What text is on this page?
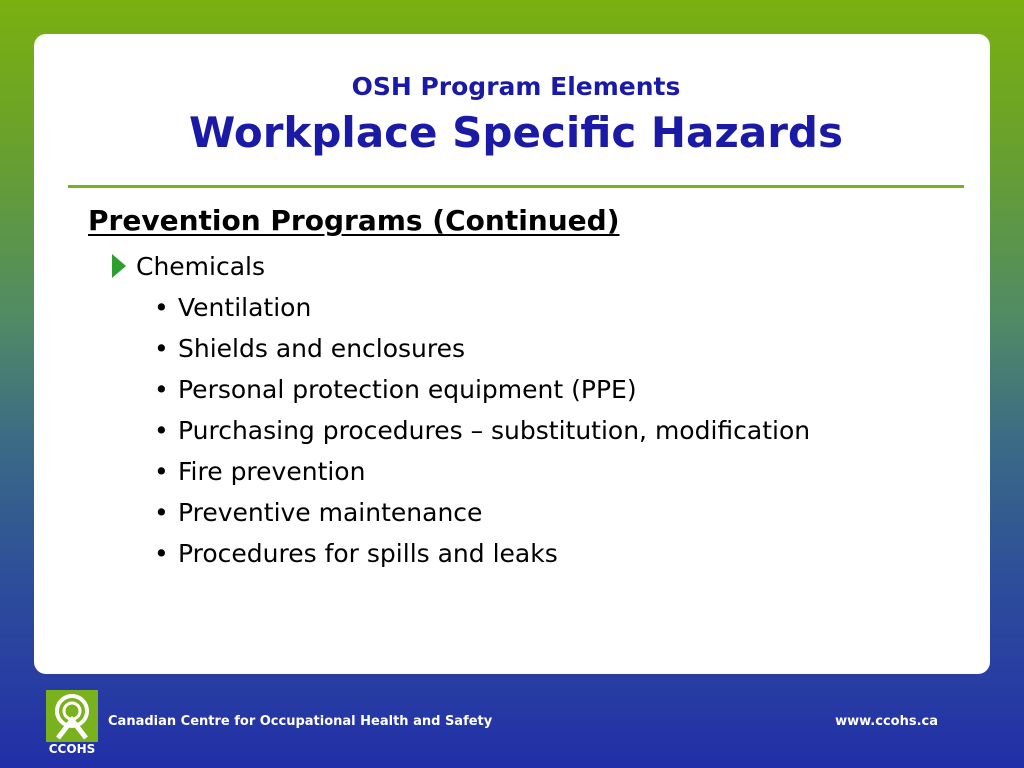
OSH Program Elements
Workplace Specific Hazards
Prevention Programs (Continued)
Chemicals
• Ventilation
• Shields and enclosures
• Personal protection equipment (PPE)
• Purchasing procedures – substitution, modification
• Fire prevention
• Preventive maintenance
• Procedures for spills and leaks
CCOHS
Canadian Centre for Occupational Health and Safety	www.ccohs.ca
